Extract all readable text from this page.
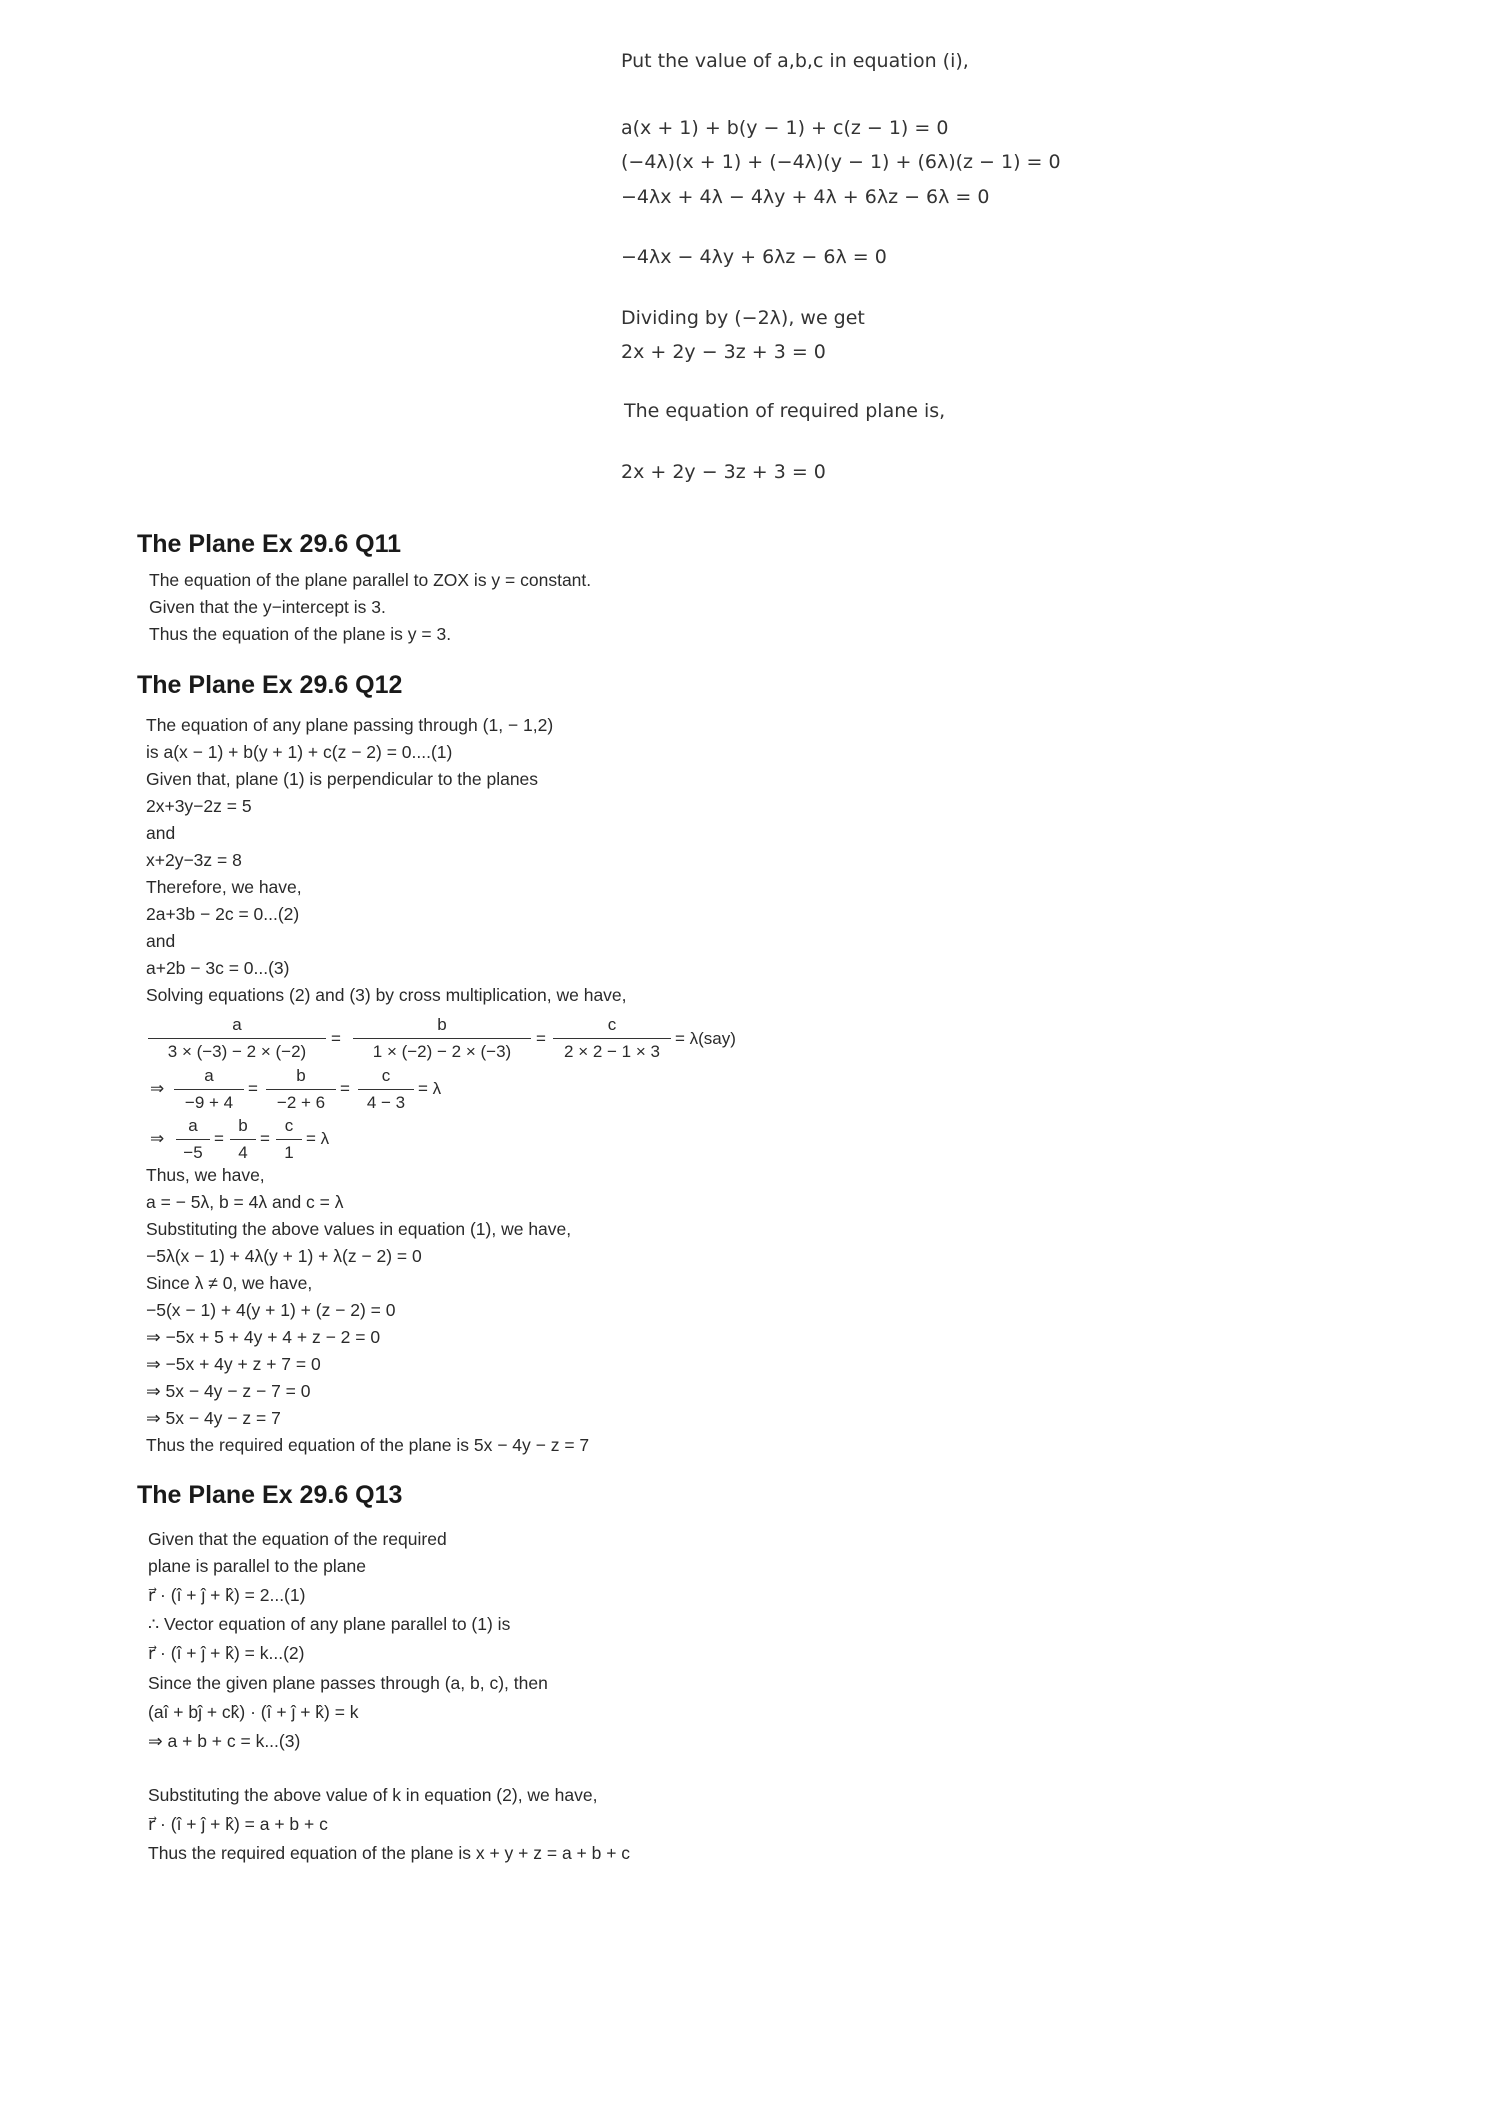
Put the value of a,b,c in equation (i),
a(x + 1) + b(y − 1) + c(z − 1) = 0
(−4λ)(x + 1) + (−4λ)(y − 1) + (6λ)(z − 1) = 0
−4λx + 4λ − 4λy + 4λ + 6λz − 6λ = 0
−4λx − 4λy + 6λz − 6λ = 0
Dividing by (−2λ), we get
2x + 2y − 3z + 3 = 0
The equation of required plane is,
2x + 2y − 3z + 3 = 0
The Plane Ex 29.6 Q11
The equation of the plane parallel to ZOX is y = constant.
Given that the y−intercept is 3.
Thus the equation of the plane is y = 3.
The Plane Ex 29.6 Q12
The equation of any plane passing through (1, − 1,2)
is a(x − 1) + b(y + 1) + c(z − 2) = 0....(1)
Given that, plane (1) is perpendicular to the planes
2x+3y−2z = 5
and
x+2y−3z = 8
Therefore, we have,
2a+3b − 2c = 0...(2)
and
a+2b − 3c = 0...(3)
Solving equations (2) and (3) by cross multiplication, we have,
$\frac{a}{3 \times (-3) - 2 \times (-2)} = \frac{b}{1 \times (-2) - 2 \times (-3)} = \frac{c}{2 \times 2 - 1 \times 3} = \lambda(say)$
⇒ $\frac{a}{-9 + 4} = \frac{b}{-2 + 6} = \frac{c}{4 - 3} = \lambda$
⇒ $\frac{a}{-5} = \frac{b}{4} = \frac{c}{1} = \lambda$
Thus, we have,
a = − 5λ, b = 4λ and c = λ
Substituting the above values in equation (1), we have,
−5λ(x − 1) + 4λ(y + 1) + λ(z − 2) = 0
Since λ ≠ 0, we have,
−5(x − 1) + 4(y + 1) + (z − 2) = 0
⇒ −5x + 5 + 4y + 4 + z − 2 = 0
⇒ −5x + 4y + z + 7 = 0
⇒ 5x − 4y − z − 7 = 0
⇒ 5x − 4y − z = 7
Thus the required equation of the plane is 5x − 4y − z = 7
The Plane Ex 29.6 Q13
Given that the equation of the required
plane is parallel to the plane
r⃗ · (î + ĵ + k̂) = 2...(1)
∴ Vector equation of any plane parallel to (1) is
r⃗ · (î + ĵ + k̂) = k...(2)
Since the given plane passes through (a, b, c), then
(aî + bĵ + ck̂) · (î + ĵ + k̂) = k
⇒ a + b + c = k...(3)
Substituting the above value of k in equation (2), we have,
r⃗ · (î + ĵ + k̂) = a + b + c
Thus the required equation of the plane is x + y + z = a + b + c
